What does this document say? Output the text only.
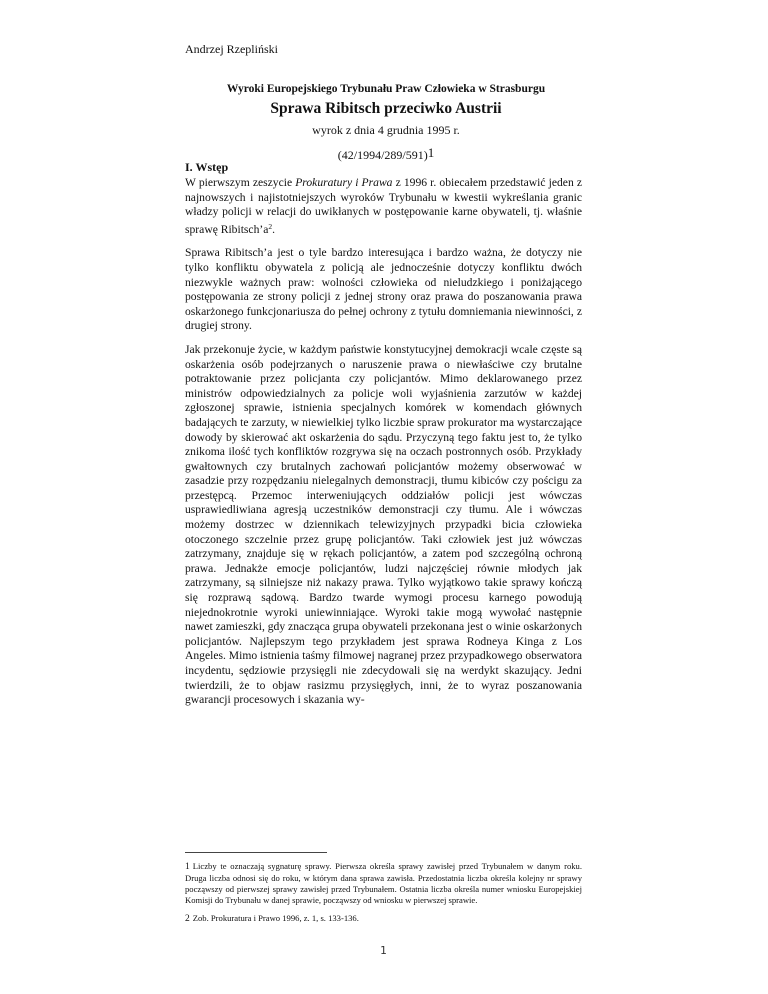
Andrzej Rzepliński

Wyroki Europejskiego Trybunału Praw Człowieka w Strasburgu

Sprawa Ribitsch przeciwko Austrii

wyrok z dnia 4 grudnia 1995 r.

$(42/1994/289/591)^1$

I. Wstęp

W pierwszym zeszycie Prokuratury i Prawa z 1996 r. obiecałem przedstawić jeden z najnowszych i najistotniejszych wyroków Trybunału w kwestii wykreślania granic władzy policji w relacji do uwikłanych w postępowanie karne obywateli, tj. właśnie sprawę $Ribitsch’a^2$.

Sprawa Ribitsch’a jest o tyle bardzo interesująca i bardzo ważna, że dotyczy nie tylko konfliktu obywatela z policją ale jednocześnie dotyczy konfliktu dwóch niezwykle ważnych praw: wolności człowieka od nieludzkiego i poniżającego postępowania ze strony policji z jednej strony oraz prawa do poszanowania prawa oskarżonego funkcjonariusza do pełnej ochrony z tytułu domniemania niewinności, z drugiej strony.

Jak przekonuje życie, w każdym państwie konstytucyjnej demokracji wcale częste są oskarżenia osób podejrzanych o naruszenie prawa o niewłaściwe czy brutalne potraktowanie przez policjanta czy policjantów. Mimo deklarowanego przez ministrów odpowiedzialnych za policje woli wyjaśnienia zarzutów w każdej zgłoszonej sprawie, istnienia specjalnych komórek w komendach głównych badających te zarzuty, w niewielkiej tylko liczbie spraw prokurator ma wystarczające dowody by skierować akt oskarżenia do sądu. Przyczyną tego faktu jest to, że tylko znikoma ilość tych konfliktów rozgrywa się na oczach postronnych osób. Przykłady gwałtownych czy brutalnych zachowań policjantów możemy obserwować w zasadzie przy rozpędzaniu nielegalnych demonstracji, tłumu kibiców czy pościgu za przestępcą. Przemoc interweniujących oddziałów policji jest wówczas usprawiedliwiana agresją uczestników demonstracji czy tłumu. Ale i wówczas możemy dostrzec w dziennikach telewizyjnych przypadki bicia człowieka otoczonego szczelnie przez grupę policjantów. Taki człowiek jest już wówczas zatrzymany, znajduje się w rękach policjantów, a zatem pod szczególną ochroną prawa. Jednakże emocje policjantów, ludzi najczęściej równie młodych jak zatrzymany, są silniejsze niż nakazy prawa. Tylko wyjątkowo takie sprawy kończą się rozprawą sądową. Bardzo twarde wymogi procesu karnego powodują niejednokrotnie wyroki uniewinniające. Wyroki takie mogą wywołać następnie nawet zamieszki, gdy znacząca grupa obywateli przekonana jest o winie oskarżonych policjantów. Najlepszym tego przykładem jest sprawa Rodneya Kinga z Los Angeles. Mimo istnienia taśmy filmowej nagranej przez przypadkowego obserwatora incydentu, sędziowie przysięgli nie zdecydowali się na werdykt skazujący. Jedni twierdzili, że to objaw rasizmu przysięgłych, inni, że to wyraz poszanowania gwarancji procesowych i skazania wy-

1 Liczby te oznaczają sygnaturę sprawy. Pierwsza określa sprawy zawisłej przed Trybunałem w danym roku. Druga liczba odnosi się do roku, w którym dana sprawa zawisła. Przedostatnia liczba określa kolejny nr sprawy począwszy od pierwszej sprawy zawisłej przed Trybunałem. Ostatnia liczba określa numer wniosku Europejskiej Komisji do Trybunału w danej sprawie, począwszy od wniosku w pierwszej sprawie.

2 Zob. Prokuratura i Prawo 1996, z. 1, s. 133-136.

1
